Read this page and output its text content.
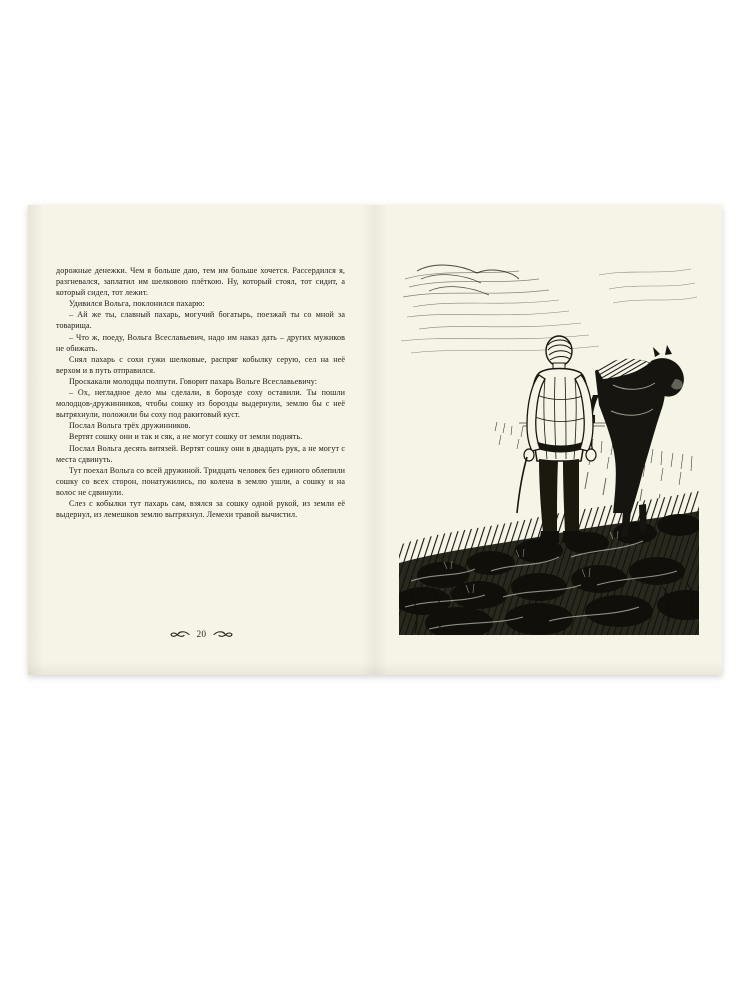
дорожные денежки. Чем я больше даю, тем им больше хочется. Рассердился я, разгневался, заплатил им шелковою плёткою. Ну, который стоял, тот сидит, а который сидел, тот лежит.

Удивился Вольга, поклонился пахарю:

– Ай же ты, славный пахарь, могучий богатырь, поезжай ты со мной за товарища.

– Что ж, поеду, Вольга Всеславьевич, надо им наказ дать – других мужиков не обижать.

Снял пахарь с сохи гужи шелковые, распряг кобылку серую, сел на неё верхом и в путь отправился.

Проскакали молодцы полпути. Говорит пахарь Вольге Всеславьевичу:

– Ох, негладное дело мы сделали, в борозде соху оставили. Ты пошли молодцов-дружинников, чтобы сошку из борозды выдернули, землю бы с неё вытряхнули, положили бы соху под ракитовый куст.

Послал Вольга трёх дружинников.

Вертят сошку они и так и сяк, а не могут сошку от земли поднять.

Послал Вольга десять витязей. Вертят сошку они в двадцать рук, а не могут с места сдвинуть.

Тут поехал Вольга со всей дружиной. Тридцать человек без единого облепили сошку со всех сторон, понатужились, по колена в землю ушли, а сошку и на волос не сдвинули.

Слез с кобылки тут пахарь сам, взялся за сошку одной рукой, из земли её выдернул, из лемешков землю вытряхнул. Лемехи травой вычистил.

20
